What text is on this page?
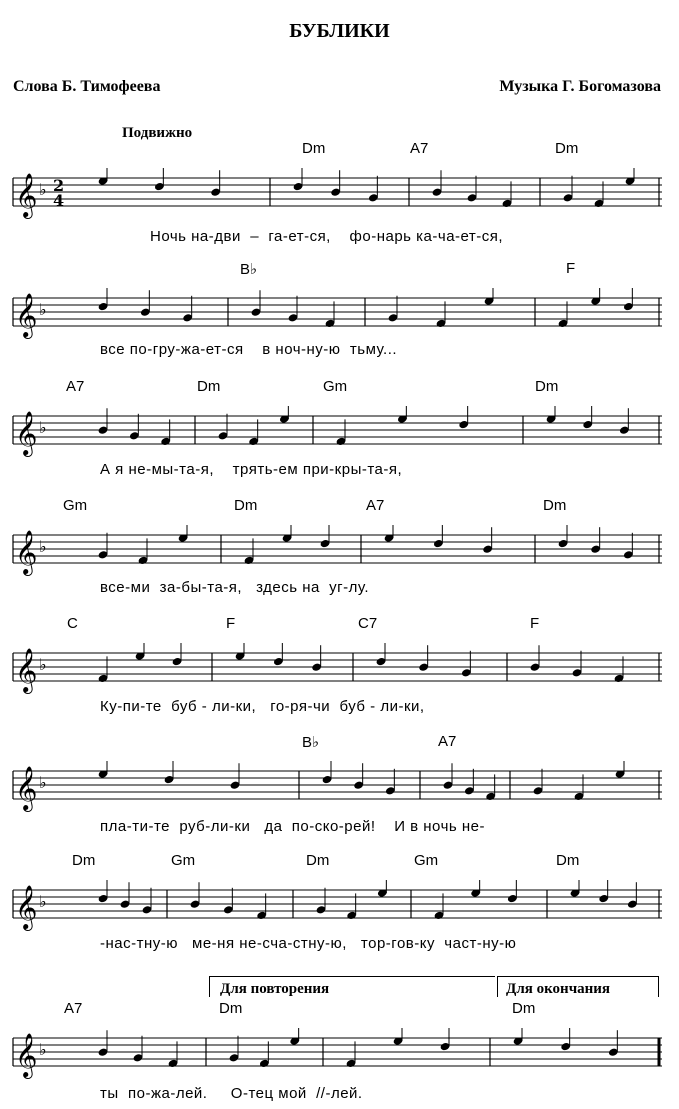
БУБЛИКИ
Слова Б. Тимофеева	Музыка Г. Богомазова
Подвижно
Dm	A7	Dm
𝄞 ♭ 2
4
Ночь на-дви  –  га-ет-ся,    фо-нарь ка-ча-ет-ся,
B♭	F
𝄞 ♭
все по-гру-жа-ет-ся    в ноч-ну-ю  тьму...
A7	Dm	Gm	Dm
𝄞 ♭
А я не-мы-та-я,    трять-ем при-кры-та-я,
Gm	Dm	A7	Dm
𝄞 ♭
все-ми  за-бы-та-я,   здесь на  уг-лу.
C	F	C7	F
𝄞 ♭
Ку-пи-те  буб - ли-ки,   го-ря-чи  буб - ли-ки,
B♭	A7
𝄞 ♭
пла-ти-те  руб-ли-ки   да  по-ско-рей!    И в ночь не-
Dm	Gm	Dm	Gm	Dm
𝄞 ♭
-нас-тну-ю   ме-ня не-сча-стну-ю,   тор-гов-ку  част-ну-ю
A7	Dm	Dm
𝄞 ♭
ты  по-жа-лей.     О-тец мой  //-лей.
Для повторения	Для окончания
